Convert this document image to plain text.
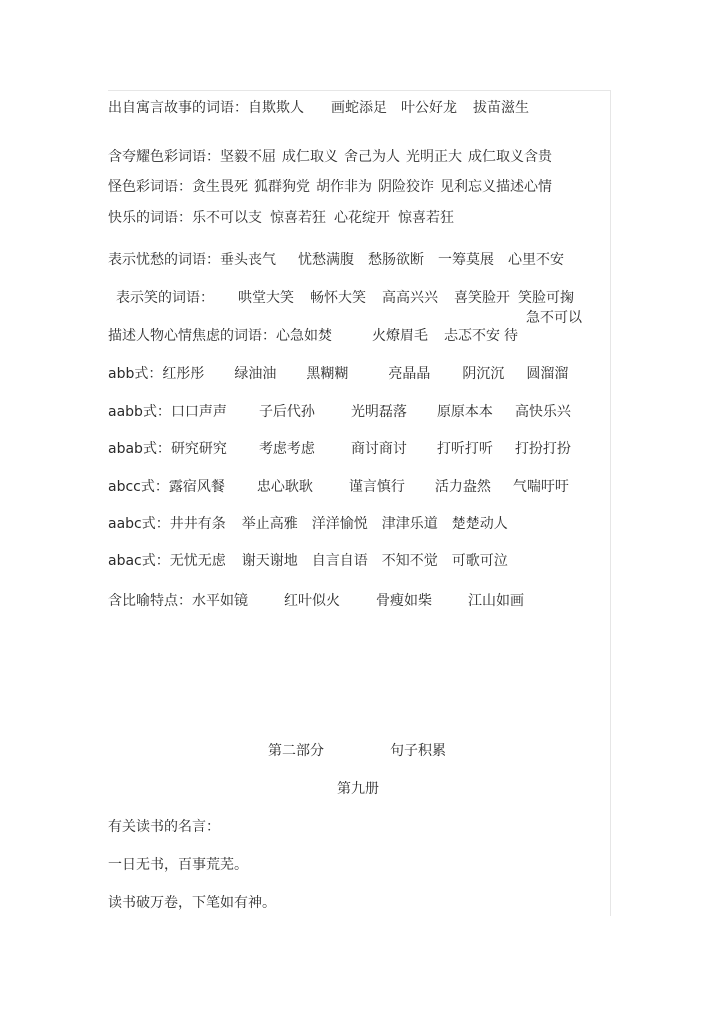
出自寓言故事的词语：自欺欺人 画蛇添足 叶公好龙 拔苗滋生
含夸耀色彩词语：坚毅不屈 成仁取义 舍己为人 光明正大 成仁取义含贵
怪色彩词语：贪生畏死 狐群狗党 胡作非为 阴险狡诈 见利忘义描述心情
快乐的词语：乐不可以支 惊喜若狂 心花绽开 惊喜若狂
表示忧愁的词语：垂头丧气 忧愁满腹 愁肠欲断 一筹莫展 心里不安
表示笑的词语： 哄堂大笑 畅怀大笑 高高兴兴 喜笑脸开 笑脸可掬
急不可以
描述人物心情焦虑的词语：心急如焚	火燎眉毛 忐忑不安 待
abb式：红彤彤 绿油油 黑糊糊	亮晶晶 阴沉沉 圆溜溜
aabb式：口口声声 子后代孙	光明磊落 原原本本 高快乐兴
abab式：研究研究 考虑考虑	商讨商讨 打听打听 打扮打扮
abcc式：露宿风餐 忠心耿耿	谨言慎行 活力盎然 气喘吁吁
aabc式：井井有条 举止高雅 洋洋愉悦 津津乐道 楚楚动人
abac式：无忧无虑 谢天谢地 自言自语 不知不觉 可歌可泣
含比喻特点：水平如镜	红叶似火	骨瘦如柴	江山如画
第二部分	句子积累
第九册
有关读书的名言：
一日无书，百事荒芜。
读书破万卷，下笔如有神。
